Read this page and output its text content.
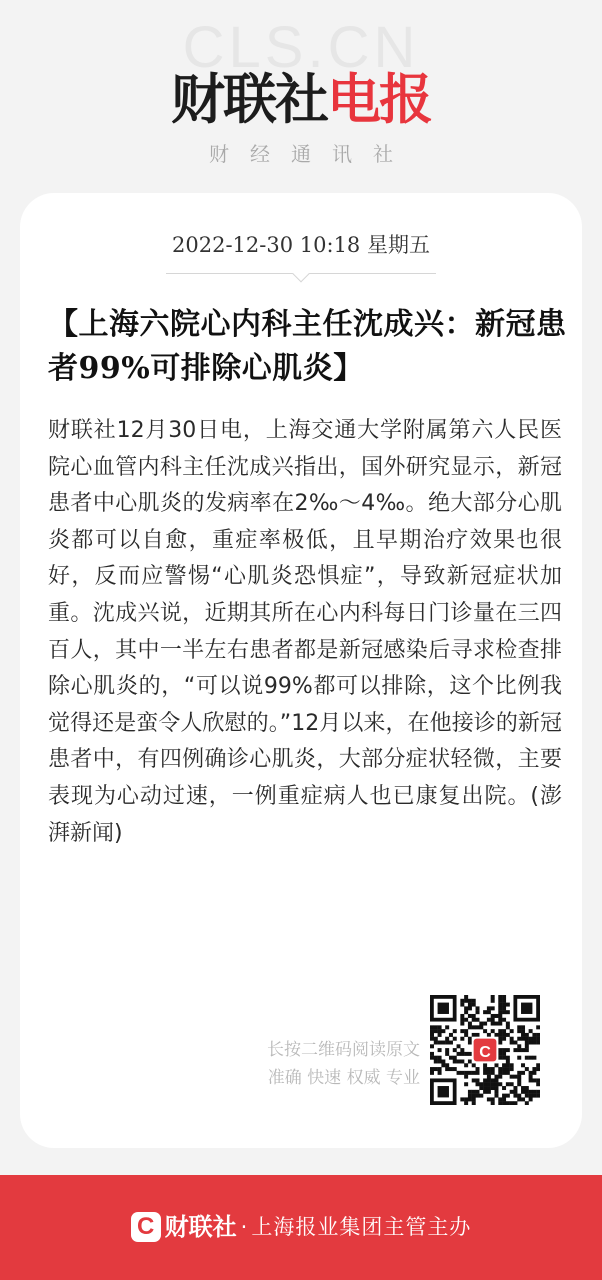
CLS.CN
财联社电报
财经通讯社
2022-12-30 10:18 星期五
【上海六院心内科主任沈成兴：新冠患者99%可排除心肌炎】
财联社12月30日电，上海交通大学附属第六人民医院心血管内科主任沈成兴指出，国外研究显示，新冠患者中心肌炎的发病率在2‰～4‰。绝大部分心肌炎都可以自愈，重症率极低，且早期治疗效果也很好，反而应警惕“心肌炎恐惧症”，导致新冠症状加重。沈成兴说，近期其所在心内科每日门诊量在三四百人，其中一半左右患者都是新冠感染后寻求检查排除心肌炎的，“可以说99%都可以排除，这个比例我觉得还是蛮令人欣慰的。”12月以来，在他接诊的新冠患者中，有四例确诊心肌炎，大部分症状轻微，主要表现为心动过速，一例重症病人也已康复出院。(澎湃新闻)
长按二维码阅读原文
准确 快速 权威 专业
C
C 财联社 · 上海报业集团主管主办
